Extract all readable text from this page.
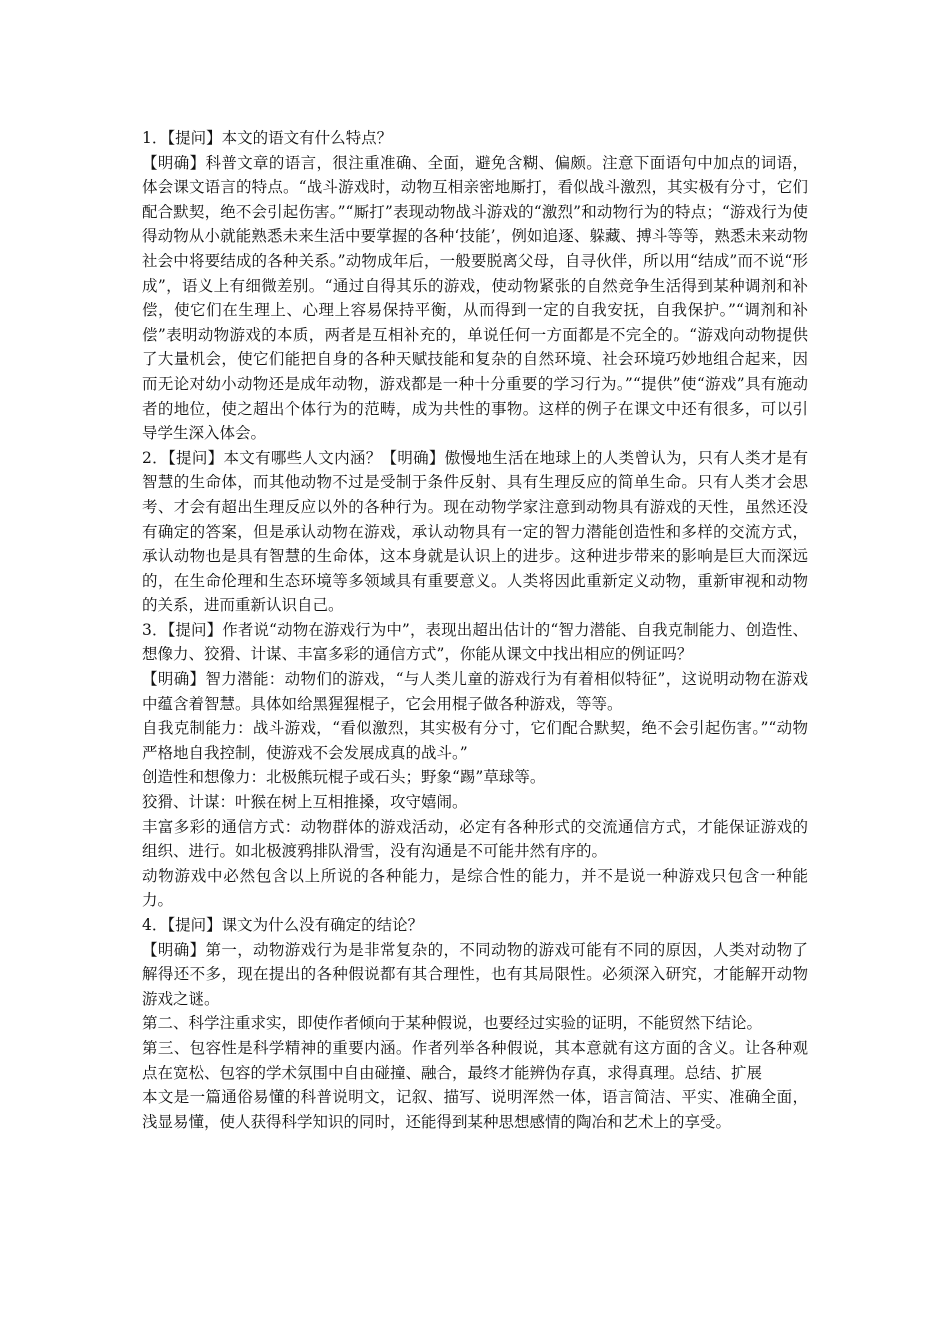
1．【提问】本文的语文有什么特点？

【明确】科普文章的语言，很注重准确、全面，避免含糊、偏颇。注意下面语句中加点的词语，体会课文语言的特点。“战斗游戏时，动物互相亲密地厮打，看似战斗激烈，其实极有分寸，它们配合默契，绝不会引起伤害。”“厮打”表现动物战斗游戏的“激烈”和动物行为的特点；“游戏行为使得动物从小就能熟悉未来生活中要掌握的各种‘技能’，例如追逐、躲藏、搏斗等等，熟悉未来动物社会中将要结成的各种关系。”动物成年后，一般要脱离父母，自寻伙伴，所以用“结成”而不说“形成”，语义上有细微差别。“通过自得其乐的游戏，使动物紧张的自然竞争生活得到某种调剂和补偿，使它们在生理上、心理上容易保持平衡，从而得到一定的自我安抚，自我保护。”“调剂和补偿”表明动物游戏的本质，两者是互相补充的，单说任何一方面都是不完全的。“游戏向动物提供了大量机会，使它们能把自身的各种天赋技能和复杂的自然环境、社会环境巧妙地组合起来，因而无论对幼小动物还是成年动物，游戏都是一种十分重要的学习行为。”“提供”使“游戏”具有施动者的地位，使之超出个体行为的范畴，成为共性的事物。这样的例子在课文中还有很多，可以引导学生深入体会。

2．【提问】本文有哪些人文内涵？【明确】傲慢地生活在地球上的人类曾认为，只有人类才是有智慧的生命体，而其他动物不过是受制于条件反射、具有生理反应的简单生命。只有人类才会思考、才会有超出生理反应以外的各种行为。现在动物学家注意到动物具有游戏的天性，虽然还没有确定的答案，但是承认动物在游戏，承认动物具有一定的智力潜能创造性和多样的交流方式，承认动物也是具有智慧的生命体，这本身就是认识上的进步。这种进步带来的影响是巨大而深远的，在生命伦理和生态环境等多领域具有重要意义。人类将因此重新定义动物，重新审视和动物的关系，进而重新认识自己。

3．【提问】作者说“动物在游戏行为中”，表现出超出估计的“智力潜能、自我克制能力、创造性、想像力、狡猾、计谋、丰富多彩的通信方式”，你能从课文中找出相应的例证吗？

【明确】智力潜能：动物们的游戏，“与人类儿童的游戏行为有着相似特征”，这说明动物在游戏中蕴含着智慧。具体如给黑猩猩棍子，它会用棍子做各种游戏，等等。

自我克制能力：战斗游戏，“看似激烈，其实极有分寸，它们配合默契，绝不会引起伤害。”“动物严格地自我控制，使游戏不会发展成真的战斗。”

创造性和想像力：北极熊玩棍子或石头；野象“踢”草球等。

狡猾、计谋：叶猴在树上互相推搡，攻守嬉闹。

丰富多彩的通信方式：动物群体的游戏活动，必定有各种形式的交流通信方式，才能保证游戏的组织、进行。如北极渡鸦排队滑雪，没有沟通是不可能井然有序的。

动物游戏中必然包含以上所说的各种能力，是综合性的能力，并不是说一种游戏只包含一种能力。

4．【提问】课文为什么没有确定的结论？

【明确】第一，动物游戏行为是非常复杂的，不同动物的游戏可能有不同的原因，人类对动物了解得还不多，现在提出的各种假说都有其合理性，也有其局限性。必须深入研究，才能解开动物游戏之谜。

第二、科学注重求实，即使作者倾向于某种假说，也要经过实验的证明，不能贸然下结论。

第三、包容性是科学精神的重要内涵。作者列举各种假说，其本意就有这方面的含义。让各种观点在宽松、包容的学术氛围中自由碰撞、融合，最终才能辨伪存真，求得真理。总结、扩展

本文是一篇通俗易懂的科普说明文，记叙、描写、说明浑然一体，语言简洁、平实、准确全面，浅显易懂，使人获得科学知识的同时，还能得到某种思想感情的陶冶和艺术上的享受。
